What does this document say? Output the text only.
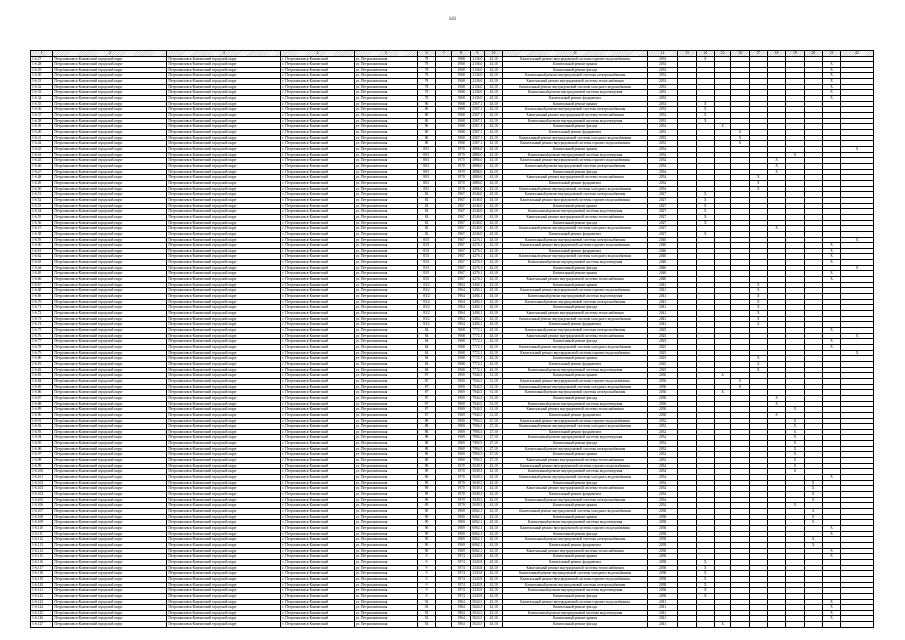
141
1	2	3	4	5	6	7	8	9	10	11	12	13	14	15	16	17	18	19	20	21	22
1-6.27	Петропавловск-Камчатский городской округ	Петропавловск-Камчатский городской округ	г. Петропавловск-Камчатский	ул. Петропавловская	78		1968	2136,0	43,10	Капитальный ремонт внутридомовой системы горячего водоснабжения	2033		X								
1-6.28	Петропавловск-Камчатский городской округ	Петропавловск-Камчатский городской округ	г. Петропавловск-Камчатский	ул. Петропавловская	78		1968	2136,0	43,10	Капитальный ремонт крыши	2033									X	
1-6.29	Петропавловск-Камчатский городской округ	Петропавловск-Камчатский городской округ	г. Петропавловск-Камчатский	ул. Петропавловская	78		1968	2136,0	43,10	Капитальный ремонт фасада	2033									X	
1-6.30	Петропавловск-Камчатский городской округ	Петропавловск-Камчатский городской округ	г. Петропавловск-Камчатский	ул. Петропавловская	78		1968	2136,0	43,10	Капитальный ремонт внутридомовой системы электроснабжения	2033									X	
1-6.31	Петропавловск-Камчатский городской округ	Петропавловск-Камчатский городской округ	г. Петропавловск-Камчатский	ул. Петропавловская	78		1968	2136,0	43,10	Капитальный ремонт внутридомовой системы теплоснабжения	2033									X	
1-6.32	Петропавловск-Камчатский городской округ	Петропавловск-Камчатский городской округ	г. Петропавловск-Камчатский	ул. Петропавловская	78		1968	2136,0	43,10	Капитальный ремонт внутридомовой системы холодного водоснабжения	2033									X	
1-6.33	Петропавловск-Камчатский городской округ	Петропавловск-Камчатский городской округ	г. Петропавловск-Камчатский	ул. Петропавловская	78		1968	2136,0	43,10	Капитальный ремонт внутридомовой системы водоотведения	2033									X	
1-6.34	Петропавловск-Камчатский городской округ	Петропавловск-Камчатский городской округ	г. Петропавловск-Камчатский	ул. Петропавловская	78		1968	2136,0	43,10	Капитальный ремонт фундамента	2033									X	
1-6.35	Петропавловск-Камчатский городской округ	Петропавловск-Камчатский городской округ	г. Петропавловск-Камчатский	ул. Петропавловская	80		1968	2567,1	43,10	Капитальный ремонт крыши	2033		X								
1-6.36	Петропавловск-Камчатский городской округ	Петропавловск-Камчатский городской округ	г. Петропавловск-Камчатский	ул. Петропавловская	80		1968	2567,1	43,10	Капитальный ремонт внутридомовой системы электроснабжения	2033		X								
1-6.37	Петропавловск-Камчатский городской округ	Петропавловск-Камчатский городской округ	г. Петропавловск-Камчатский	ул. Петропавловская	80		1968	2567,1	43,10	Капитальный ремонт внутридомовой системы теплоснабжения	2033		X								
1-6.38	Петропавловск-Камчатский городской округ	Петропавловск-Камчатский городской округ	г. Петропавловск-Камчатский	ул. Петропавловская	80		1968	2567,1	43,10	Капитальный ремонт внутридомовой системы водоотведения	2033		X								
1-6.39	Петропавловск-Камчатский городской округ	Петропавловск-Камчатский городской округ	г. Петропавловск-Камчатский	ул. Петропавловская	80		1968	2567,1	43,10	Капитальный ремонт фасада	2033			X							
1-6.40	Петропавловск-Камчатский городской округ	Петропавловск-Камчатский городской округ	г. Петропавловск-Камчатский	ул. Петропавловская	80		1968	2567,1	43,10	Капитальный ремонт фундамента	2033				X						
1-6.41	Петропавловск-Камчатский городской округ	Петропавловск-Камчатский городской округ	г. Петропавловск-Камчатский	ул. Петропавловская	80		1968	2567,1	43,10	Капитальный ремонт внутридомовой системы холодного водоснабжения	2033				X						
1-6.42	Петропавловск-Камчатский городской округ	Петропавловск-Камчатский городской округ	г. Петропавловск-Камчатский	ул. Петропавловская	80		1968	2567,1	43,10	Капитальный ремонт внутридомовой системы горячего водоснабжения	2033				X						
1-6.43	Петропавловск-Камчатский городской округ	Петропавловск-Камчатский городской округ	г. Петропавловск-Камчатский	ул. Петропавловская	80/1		1970	4886,0	43,10	Капитальный ремонт крыши	2034										X
1-6.44	Петропавловск-Камчатский городской округ	Петропавловск-Камчатский городской округ	г. Петропавловск-Камчатский	ул. Петропавловская	80/1		1970	4886,0	43,10	Капитальный ремонт внутридомовой системы водоотведения	2034							X			
1-6.45	Петропавловск-Камчатский городской округ	Петропавловск-Камчатский городской округ	г. Петропавловск-Камчатский	ул. Петропавловская	80/1		1970	4886,0	43,10	Капитальный ремонт внутридомовой системы горячего водоснабжения	2034						X				
1-6.46	Петропавловск-Камчатский городской округ	Петропавловск-Камчатский городской округ	г. Петропавловск-Камчатский	ул. Петропавловская	80/1		1970	4886,0	43,10	Капитальный ремонт внутридомовой системы электроснабжения	2034						X				
1-6.47	Петропавловск-Камчатский городской округ	Петропавловск-Камчатский городской округ	г. Петропавловск-Камчатский	ул. Петропавловская	80/1		1970	4886,0	43,10	Капитальный ремонт фасада	2034						X				
1-6.48	Петропавловск-Камчатский городской округ	Петропавловск-Камчатский городской округ	г. Петропавловск-Камчатский	ул. Петропавловская	80/1		1970	4886,0	43,10	Капитальный ремонт внутридомовой системы теплоснабжения	2034					X					
1-6.49	Петропавловск-Камчатский городской округ	Петропавловск-Камчатский городской округ	г. Петропавловск-Камчатский	ул. Петропавловская	80/1		1970	4886,0	43,10	Капитальный ремонт фундамента	2034					X					
1-6.50	Петропавловск-Камчатский городской округ	Петропавловск-Камчатский городской округ	г. Петропавловск-Камчатский	ул. Петропавловская	80/1		1970	4886,0	43,10	Капитальный ремонт внутридомовой системы холодного водоснабжения	2034					X					
1-6.51	Петропавловск-Камчатский городской округ	Петропавловск-Камчатский городской округ	г. Петропавловск-Камчатский	ул. Петропавловская	82		1967	4546,0	43,10	Капитальный ремонт внутридомовой системы электроснабжения	2027		X								
1-6.52	Петропавловск-Камчатский городской округ	Петропавловск-Камчатский городской округ	г. Петропавловск-Камчатский	ул. Петропавловская	82		1967	4546,0	43,10	Капитальный ремонт внутридомовой системы горячего водоснабжения	2027		X								
1-6.53	Петропавловск-Камчатский городской округ	Петропавловск-Камчатский городской округ	г. Петропавловск-Камчатский	ул. Петропавловская	82		1967	4546,0	43,10	Капитальный ремонт крыши	2027		X								
1-6.54	Петропавловск-Камчатский городской округ	Петропавловск-Камчатский городской округ	г. Петропавловск-Камчатский	ул. Петропавловская	82		1967	4546,0	43,10	Капитальный ремонт внутридомовой системы водоотведения	2027		X								
1-6.55	Петропавловск-Камчатский городской округ	Петропавловск-Камчатский городской округ	г. Петропавловск-Камчатский	ул. Петропавловская	82		1967	4546,0	43,10	Капитальный ремонт внутридомовой системы теплоснабжения	2027		X								
1-6.56	Петропавловск-Камчатский городской округ	Петропавловск-Камчатский городской округ	г. Петропавловск-Камчатский	ул. Петропавловская	82		1967	4546,0	43,10	Капитальный ремонт фасада	2027		X								
1-6.57	Петропавловск-Камчатский городской округ	Петропавловск-Камчатский городской округ	г. Петропавловск-Камчатский	ул. Петропавловская	82		1967	4546,0	43,10	Капитальный ремонт внутридомовой системы холодного водоснабжения	2027						X				
1-6.58	Петропавловск-Камчатский городской округ	Петропавловск-Камчатский городской округ	г. Петропавловск-Камчатский	ул. Петропавловская	82		1967	4546,0	43,10	Капитальный ремонт фундамента	2027		X								
1-6.59	Петропавловск-Камчатский городской округ	Петропавловск-Камчатский городской округ	г. Петропавловск-Камчатский	ул. Петропавловская	83/1		1967	4276,1	43,10	Капитальный ремонт внутридомовой системы электроснабжения	2040										X
1-6.60	Петропавловск-Камчатский городской округ	Петропавловск-Камчатский городской округ	г. Петропавловск-Камчатский	ул. Петропавловская	83/1		1967	4276,1	43,10	Капитальный ремонт внутридомовой системы горячего водоснабжения	2040									X	
1-6.61	Петропавловск-Камчатский городской округ	Петропавловск-Камчатский городской округ	г. Петропавловск-Камчатский	ул. Петропавловская	83/1		1967	4276,1	43,10	Капитальный ремонт фундамента	2040									X	
1-6.62	Петропавловск-Камчатский городской округ	Петропавловск-Камчатский городской округ	г. Петропавловск-Камчатский	ул. Петропавловская	83/1		1967	4276,1	43,10	Капитальный ремонт внутридомовой системы холодного водоснабжения	2040									X	
1-6.63	Петропавловск-Камчатский городской округ	Петропавловск-Камчатский городской округ	г. Петропавловск-Камчатский	ул. Петропавловская	83/1		1967	4276,1	43,10	Капитальный ремонт внутридомовой системы водоотведения	2040									X	
1-6.64	Петропавловск-Камчатский городской округ	Петропавловск-Камчатский городской округ	г. Петропавловск-Камчатский	ул. Петропавловская	83/1		1967	4276,1	43,10	Капитальный ремонт фасада	2040										X
1-6.65	Петропавловск-Камчатский городской округ	Петропавловск-Камчатский городской округ	г. Петропавловск-Камчатский	ул. Петропавловская	83/1		1967	4276,1	43,10	Капитальный ремонт крыши	2040									X	
1-6.66	Петропавловск-Камчатский городской округ	Петропавловск-Камчатский городской округ	г. Петропавловск-Камчатский	ул. Петропавловская	83/1		1967	4276,1	43,10	Капитальный ремонт внутридомовой системы теплоснабжения	2040									X	
1-6.67	Петропавловск-Камчатский городской округ	Петропавловск-Камчатский городской округ	г. Петропавловск-Камчатский	ул. Петропавловская	83/2		1964	3494,1	43,10	Капитальный ремонт крыши	2041					X					
1-6.68	Петропавловск-Камчатский городской округ	Петропавловск-Камчатский городской округ	г. Петропавловск-Камчатский	ул. Петропавловская	83/2		1964	3494,1	43,10	Капитальный ремонт внутридомовой системы горячего водоснабжения	2041					X					
1-6.69	Петропавловск-Камчатский городской округ	Петропавловск-Камчатский городской округ	г. Петропавловск-Камчатский	ул. Петропавловская	83/2		1964	3494,1	43,10	Капитальный ремонт внутридомовой системы водоотведения	2041					X					
1-6.70	Петропавловск-Камчатский городской округ	Петропавловск-Камчатский городской округ	г. Петропавловск-Камчатский	ул. Петропавловская	83/2		1964	3494,1	43,10	Капитальный ремонт внутридомовой системы электроснабжения	2041					X					
1-6.71	Петропавловск-Камчатский городской округ	Петропавловск-Камчатский городской округ	г. Петропавловск-Камчатский	ул. Петропавловская	83/2		1964	3494,1	43,10	Капитальный ремонт фасада	2041					X					
1-6.72	Петропавловск-Камчатский городской округ	Петропавловск-Камчатский городской округ	г. Петропавловск-Камчатский	ул. Петропавловская	83/2		1964	3494,1	43,10	Капитальный ремонт внутридомовой системы теплоснабжения	2041					X					
1-6.73	Петропавловск-Камчатский городской округ	Петропавловск-Камчатский городской округ	г. Петропавловск-Камчатский	ул. Петропавловская	83/2		1964	3494,1	43,10	Капитальный ремонт внутридомовой системы холодного водоснабжения	2041					X					
1-6.74	Петропавловск-Камчатский городской округ	Петропавловск-Камчатский городской округ	г. Петропавловск-Камчатский	ул. Петропавловская	83/2		1964	3494,1	43,10	Капитальный ремонт фундамента	2041					X					
1-6.75	Петропавловск-Камчатский городской округ	Петропавловск-Камчатский городской округ	г. Петропавловск-Камчатский	ул. Петропавловская	84		1968	7772,1	43,10	Капитальный ремонт внутридомовой системы электроснабжения	2025									X	
1-6.76	Петропавловск-Камчатский городской округ	Петропавловск-Камчатский городской округ	г. Петропавловск-Камчатский	ул. Петропавловская	84		1968	7772,1	43,10	Капитальный ремонт внутридомовой системы теплоснабжения	2025										X
1-6.77	Петропавловск-Камчатский городской округ	Петропавловск-Камчатский городской округ	г. Петропавловск-Камчатский	ул. Петропавловская	84		1968	7772,1	43,10	Капитальный ремонт фасада	2025									X	
1-6.78	Петропавловск-Камчатский городской округ	Петропавловск-Камчатский городской округ	г. Петропавловск-Камчатский	ул. Петропавловская	84		1968	7772,1	43,10	Капитальный ремонт внутридомовой системы холодного водоснабжения	2025									X	
1-6.79	Петропавловск-Камчатский городской округ	Петропавловск-Камчатский городской округ	г. Петропавловск-Камчатский	ул. Петропавловская	84		1968	7772,1	43,10	Капитальный ремонт внутридомовой системы горячего водоснабжения	2025										X
1-6.80	Петропавловск-Камчатский городской округ	Петропавловск-Камчатский городской округ	г. Петропавловск-Камчатский	ул. Петропавловская	84		1968	7772,1	43,10	Капитальный ремонт крыши	2025					X					
1-6.81	Петропавловск-Камчатский городской округ	Петропавловск-Камчатский городской округ	г. Петропавловск-Камчатский	ул. Петропавловская	84		1968	7772,1	43,10	Капитальный ремонт фундамента	2025					X					
1-6.82	Петропавловск-Камчатский городской округ	Петропавловск-Камчатский городской округ	г. Петропавловск-Камчатский	ул. Петропавловская	84		1968	7772,1	43,10	Капитальный ремонт внутридомовой системы водоотведения	2025					X					
1-6.83	Петропавловск-Камчатский городской округ	Петропавловск-Камчатский городской округ	г. Петропавловск-Камчатский	ул. Петропавловская	87		1969	7944,5	31,10	Капитальный ремонт крыши	2030			X							
1-6.84	Петропавловск-Камчатский городской округ	Петропавловск-Камчатский городской округ	г. Петропавловск-Камчатский	ул. Петропавловская	87		1969	7944,5	31,10	Капитальный ремонт внутридомовой системы горячего водоснабжения	2030				X						
1-6.85	Петропавловск-Камчатский городской округ	Петропавловск-Камчатский городской округ	г. Петропавловск-Камчатский	ул. Петропавловская	87		1969	7944,5	31,10	Капитальный ремонт внутридомовой системы холодного водоснабжения	2030				X						
1-6.86	Петропавловск-Камчатский городской округ	Петропавловск-Камчатский городской округ	г. Петропавловск-Камчатский	ул. Петропавловская	87		1969	7944,5	31,10	Капитальный ремонт внутридомовой системы электроснабжения	2030			X							
1-6.87	Петропавловск-Камчатский городской округ	Петропавловск-Камчатский городской округ	г. Петропавловск-Камчатский	ул. Петропавловская	87		1969	7944,5	31,10	Капитальный ремонт фасада	2030						X				
1-6.88	Петропавловск-Камчатский городской округ	Петропавловск-Камчатский городской округ	г. Петропавловск-Камчатский	ул. Петропавловская	87		1969	7944,5	31,10	Капитальный ремонт внутридомовой системы водоотведения	2030						X				
1-6.89	Петропавловск-Камчатский городской округ	Петропавловск-Камчатский городской округ	г. Петропавловск-Камчатский	ул. Петропавловская	87		1969	7944,5	31,10	Капитальный ремонт внутридомовой системы теплоснабжения	2030							X			
1-6.90	Петропавловск-Камчатский городской округ	Петропавловск-Камчатский городской округ	г. Петропавловск-Камчатский	ул. Петропавловская	87		1969	7944,5	31,10	Капитальный ремонт фундамента	2030						X				
1-6.91	Петропавловск-Камчатский городской округ	Петропавловск-Камчатский городской округ	г. Петропавловск-Камчатский	ул. Петропавловская	88		1969	7994,5	27,10	Капитальный ремонт внутридомовой системы горячего водоснабжения	2032							X			
1-6.92	Петропавловск-Камчатский городской округ	Петропавловск-Камчатский городской округ	г. Петропавловск-Камчатский	ул. Петропавловская	88		1969	7994,5	27,10	Капитальный ремонт внутридомовой системы холодного водоснабжения	2032							X			
1-6.93	Петропавловск-Камчатский городской округ	Петропавловск-Камчатский городской округ	г. Петропавловск-Камчатский	ул. Петропавловская	88		1969	7994,5	27,10	Капитальный ремонт фундамента	2032							X			
1-6.94	Петропавловск-Камчатский городской округ	Петропавловск-Камчатский городской округ	г. Петропавловск-Камчатский	ул. Петропавловская	88		1969	7994,5	27,10	Капитальный ремонт внутридомовой системы водоотведения	2032							X			
1-6.95	Петропавловск-Камчатский городской округ	Петропавловск-Камчатский городской округ	г. Петропавловск-Камчатский	ул. Петропавловская	88		1969	7994,5	27,10	Капитальный ремонт фасада	2032							X			
1-6.96	Петропавловск-Камчатский городской округ	Петропавловск-Камчатский городской округ	г. Петропавловск-Камчатский	ул. Петропавловская	88		1969	7994,5	27,10	Капитальный ремонт внутридомовой системы электроснабжения	2032							X			
1-6.97	Петропавловск-Камчатский городской округ	Петропавловск-Камчатский городской округ	г. Петропавловск-Камчатский	ул. Петропавловская	88		1969	7994,5	27,10	Капитальный ремонт крыши	2032							X			
1-6.98	Петропавловск-Камчатский городской округ	Петропавловск-Камчатский городской округ	г. Петропавловск-Камчатский	ул. Петропавловская	88		1969	7994,5	27,10	Капитальный ремонт внутридомовой системы теплоснабжения	2032							X			
1-6.99	Петропавловск-Камчатский городской округ	Петропавловск-Камчатский городской округ	г. Петропавловск-Камчатский	ул. Петропавловская	89		1970	5049,3	43,10	Капитальный ремонт внутридомовой системы горячего водоснабжения	2034							X			
1-6.100	Петропавловск-Камчатский городской округ	Петропавловск-Камчатский городской округ	г. Петропавловск-Камчатский	ул. Петропавловская	89		1970	5049,3	43,10	Капитальный ремонт внутридомовой системы водоотведения	2034							X			
1-6.101	Петропавловск-Камчатский городской округ	Петропавловск-Камчатский городской округ	г. Петропавловск-Камчатский	ул. Петропавловская	89		1970	5049,3	43,10	Капитальный ремонт внутридомовой системы холодного водоснабжения	2034									X	
1-6.102	Петропавловск-Камчатский городской округ	Петропавловск-Камчатский городской округ	г. Петропавловск-Камчатский	ул. Петропавловская	89		1970	5049,3	43,10	Капитальный ремонт фасада	2034								X		
1-6.103	Петропавловск-Камчатский городской округ	Петропавловск-Камчатский городской округ	г. Петропавловск-Камчатский	ул. Петропавловская	89		1970	5049,3	43,10	Капитальный ремонт внутридомовой системы теплоснабжения	2034								X		
1-6.104	Петропавловск-Камчатский городской округ	Петропавловск-Камчатский городской округ	г. Петропавловск-Камчатский	ул. Петропавловская	89		1970	5049,3	43,10	Капитальный ремонт фундамента	2034								X		
1-6.105	Петропавловск-Камчатский городской округ	Петропавловск-Камчатский городской округ	г. Петропавловск-Камчатский	ул. Петропавловская	89		1970	5049,3	43,10	Капитальный ремонт внутридомовой системы электроснабжения	2034								X		
1-6.106	Петропавловск-Камчатский городской округ	Петропавловск-Камчатский городской округ	г. Петропавловск-Камчатский	ул. Петропавловская	89		1970	5049,3	43,10	Капитальный ремонт крыши	2034							X			
1-6.107	Петропавловск-Камчатский городской округ	Петропавловск-Камчатский городской округ	г. Петропавловск-Камчатский	ул. Петропавловская	90		1969	6062,1	43,10	Капитальный ремонт внутридомовой системы холодного водоснабжения	2038								X		
1-6.108	Петропавловск-Камчатский городской округ	Петропавловск-Камчатский городской округ	г. Петропавловск-Камчатский	ул. Петропавловская	90		1969	6062,1	43,10	Капитальный ремонт крыши	2038								X		
1-6.109	Петропавловск-Камчатский городской округ	Петропавловск-Камчатский городской округ	г. Петропавловск-Камчатский	ул. Петропавловская	90		1969	6062,1	43,10	Капитальный ремонт внутридомовой системы водоотведения	2038								X		
1-6.110	Петропавловск-Камчатский городской округ	Петропавловск-Камчатский городской округ	г. Петропавловск-Камчатский	ул. Петропавловская	90		1969	6062,1	43,10	Капитальный ремонт внутридомовой системы горячего водоснабжения	2038									X	
1-6.111	Петропавловск-Камчатский городской округ	Петропавловск-Камчатский городской округ	г. Петропавловск-Камчатский	ул. Петропавловская	90		1969	6062,1	43,10	Капитальный ремонт фасада	2038									X	
1-6.112	Петропавловск-Камчатский городской округ	Петропавловск-Камчатский городской округ	г. Петропавловск-Камчатский	ул. Петропавловская	90		1969	6062,1	43,10	Капитальный ремонт внутридомовой системы электроснабжения	2038								X		
1-6.113	Петропавловск-Камчатский городской округ	Петропавловск-Камчатский городской округ	г. Петропавловск-Камчатский	ул. Петропавловская	90		1969	6062,1	43,10	Капитальный ремонт фундамента	2038								X		
1-6.114	Петропавловск-Камчатский городской округ	Петропавловск-Камчатский городской округ	г. Петропавловск-Камчатский	ул. Петропавловская	90		1969	6062,1	43,10	Капитальный ремонт внутридомовой системы теплоснабжения	2038									X	
1-6.115	Петропавловск-Камчатский городской округ	Петропавловск-Камчатский городской округ	г. Петропавловск-Камчатский	ул. Петропавловская	9		1974	2343,8	43,10	Капитальный ремонт крыши	2038									X	
1-6.116	Петропавловск-Камчатский городской округ	Петропавловск-Камчатский городской округ	г. Петропавловск-Камчатский	ул. Петропавловская	9		1974	2343,8	43,10	Капитальный ремонт фундамента	2038		X								
1-6.117	Петропавловск-Камчатский городской округ	Петропавловск-Камчатский городской округ	г. Петропавловск-Камчатский	ул. Петропавловская	9		1974	2343,8	43,10	Капитальный ремонт внутридомовой системы теплоснабжения	2038		X								
1-6.118	Петропавловск-Камчатский городской округ	Петропавловск-Камчатский городской округ	г. Петропавловск-Камчатский	ул. Петропавловская	9		1974	2343,8	43,10	Капитальный ремонт внутридомовой системы холодного водоснабжения	2038		X								
1-6.119	Петропавловск-Камчатский городской округ	Петропавловск-Камчатский городской округ	г. Петропавловск-Камчатский	ул. Петропавловская	9		1974	2343,8	43,10	Капитальный ремонт внутридомовой системы горячего водоснабжения	2038		X								
1-6.120	Петропавловск-Камчатский городской округ	Петропавловск-Камчатский городской округ	г. Петропавловск-Камчатский	ул. Петропавловская	9		1974	2343,8	43,10	Капитальный ремонт внутридомовой системы электроснабжения	2038		X								
1-6.121	Петропавловск-Камчатский городской округ	Петропавловск-Камчатский городской округ	г. Петропавловск-Камчатский	ул. Петропавловская	9		1974	2343,8	43,10	Капитальный ремонт внутридомовой системы водоотведения	2038		X								
1-6.122	Петропавловск-Камчатский городской округ	Петропавловск-Камчатский городской округ	г. Петропавловск-Камчатский	ул. Петропавловская	9		1974	2343,8	43,10	Капитальный ремонт фасада	2038		X								
1-6.123	Петропавловск-Камчатский городской округ	Петропавловск-Камчатский городской округ	г. Петропавловск-Камчатский	ул. Петропавловская	92		1964	5024,5	43,10	Капитальный ремонт внутридомовой системы горячего водоснабжения	2041									X	
1-6.124	Петропавловск-Камчатский городской округ	Петропавловск-Камчатский городской округ	г. Петропавловск-Камчатский	ул. Петропавловская	92		1964	5024,5	43,10	Капитальный ремонт фасада	2041									X	
1-6.125	Петропавловск-Камчатский городской округ	Петропавловск-Камчатский городской округ	г. Петропавловск-Камчатский	ул. Петропавловская	92		1964	5024,5	43,10	Капитальный ремонт внутридомовой системы водоотведения	2041									X	
1-6.126	Петропавловск-Камчатский городской округ	Петропавловск-Камчатский городской округ	г. Петропавловск-Камчатский	ул. Петропавловская	92		1964	5024,5	43,10	Капитальный ремонт крыши	2041									X	
1-6.127	Петропавловск-Камчатский городской округ	Петропавловск-Камчатский городской округ	г. Петропавловск-Камчатский	ул. Петропавловская	92		1964	5024,5	43,10	Капитальный ремонт фасада	2041			X							
